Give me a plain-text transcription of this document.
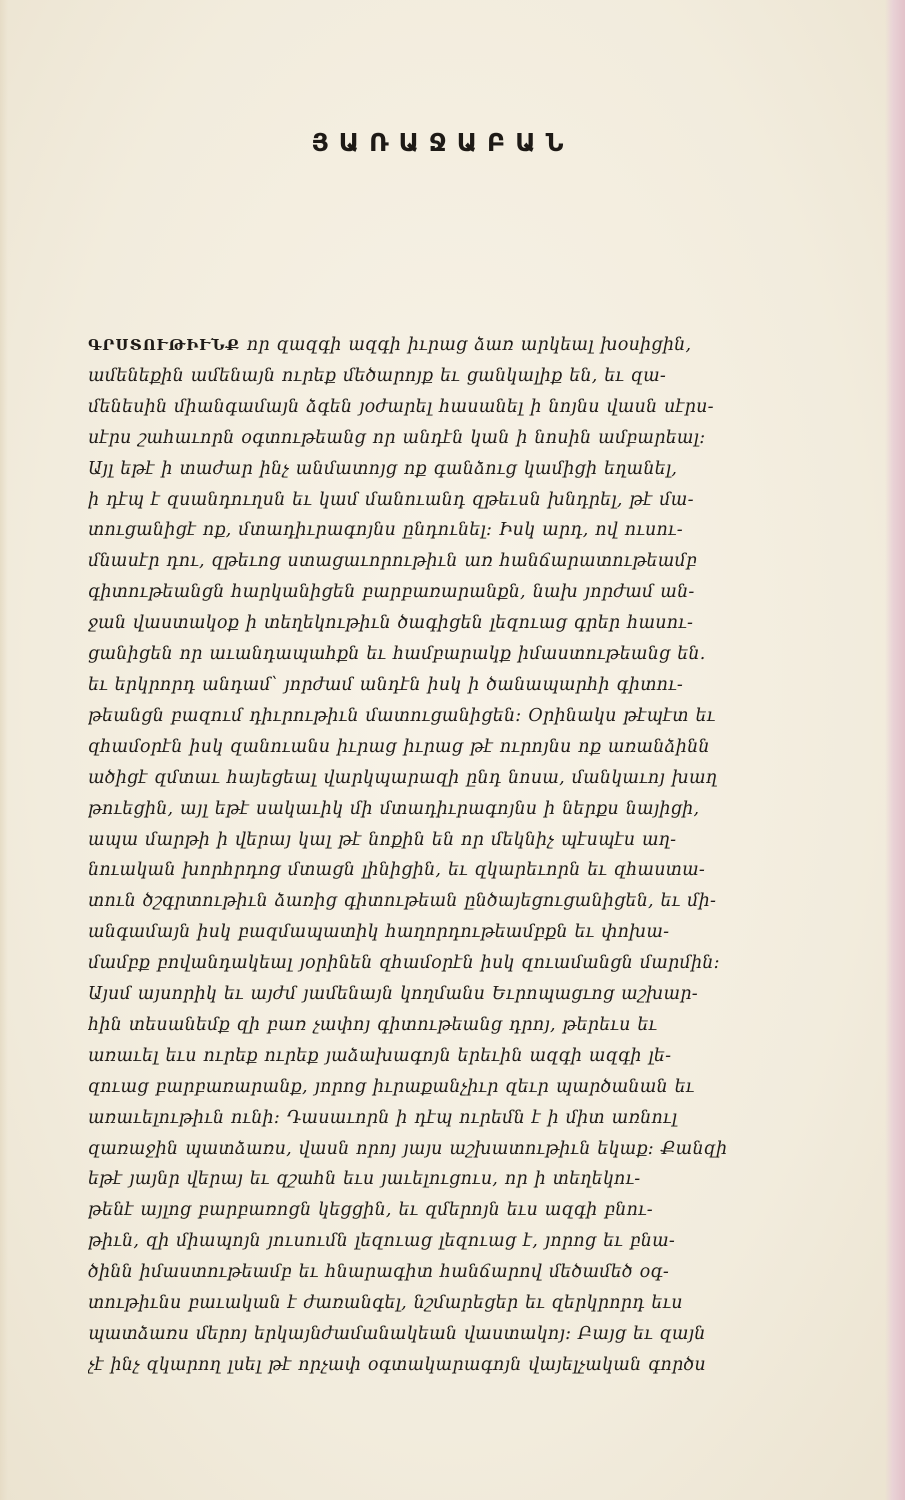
ՅԱՌԱՋԱԲԱՆ
ԳՐՍՏՈՒԹԻՒՆՔ որ զազգի ազգի իւրաց ձառ արկեալ խօսիցին,
ամենեքին ամենայն ուրեք մեծարոյք եւ ցանկալիք են, եւ զա-
մենեսին միանգամայն ձգեն յօժարել հասանել ի նոյնս վասն սէրս-
սէրս շահաւորն օգտութեանց որ անդէն կան ի նոսին ամբարեալ։
Այլ եթէ ի տաժար ինչ անմատոյց ոք գանձուց կամիցի եղանել,
ի դէպ է զսանդուղսն եւ կամ մանուանդ զթեւսն խնդրել, թէ մա-
տուցանիցէ ոք, մտադիւրագոյնս ընդունել։ Իսկ արդ, ով ուսու-
մնասէր դու, զթեւոց ստացաւորութիւն առ հանճարատութեամբ
գիտութեանցն հարկանիցեն բարբառարանքն, նախ յորժամ ան-
ջան վաստակօք ի տեղեկութիւն ծագիցեն լեզուաց գրեր հասու-
ցանիցեն որ աւանդապահքն եւ համբարակք իմաստութեանց են.
եւ երկրորդ անդամ՝ յորժամ անդէն իսկ ի ծանապարհի գիտու-
թեանցն բազում դիւրութիւն մատուցանիցեն։ Օրինակս թէպէտ եւ
զհամօրէն իսկ զանուանս իւրաց իւրաց թէ ուրոյնս ոք առանձինն
ածիցէ զմտաւ հայեցեալ վարկպարազի ընդ նոսա, մանկաւոյ խաղ
թուեցին, այլ եթէ սակաւիկ մի մտադիւրագոյնս ի ներքս նայիցի,
ապա մարթի ի վերայ կալ թէ նոքին են որ մեկնիչ պէսպէս աղ-
նուական խորհրդոց մտացն լինիցին, եւ զկարեւորն եւ զհաստա-
տուն ծշգրտութիւն ձառից գիտութեան ընծայեցուցանիցեն, եւ մի-
անգամայն իսկ բազմապատիկ հաղորդութեամբքն եւ փոխա-
մամբք բովանդակեալ յօրինեն զհամօրէն իսկ զուամանցն մարմին։
Այսմ այսորիկ եւ այժմ յամենայն կողմանս Եւրոպացւոց աշխար-
հին տեսանեմք զի բառ չափոյ գիտութեանց դրոյ, թերեւս եւ
առաւել եւս ուրեք ուրեք յաձախագոյն երեւին ազգի ազգի լե-
զուաց բարբառարանք, յորոց իւրաքանչիւր զեւր պարծանան եւ
առաւելութիւն ունի։ Դասաւորն ի դէպ ուրեմն է ի միտ առնուլ
զառաջին պատձառս, վասն որոյ յայս աշխատութիւն եկաք։ Քանզի
եթէ յայնր վերայ եւ զշահն եւս յաւելուցուս, որ ի տեղեկու-
թենէ այլոց բարբառոցն կեցցին, եւ զմերոյն եւս ազգի բնու-
թիւն, զի միապոյն յուսումն լեզուաց լեզուաց է, յորոց եւ բնա-
ծինն իմաստութեամբ եւ հնարագիտ հանճարով մեծամեծ օգ-
տութիւնս բաւական է ժառանգել, նշմարեցեր եւ զերկրորդ եւս
պատձառս մերոյ երկայնժամանակեան վաստակոյ։ Բայց եւ զայն
չէ ինչ զկարող լսել թէ որչափ օգտակարագոյն վայելչական գործս
